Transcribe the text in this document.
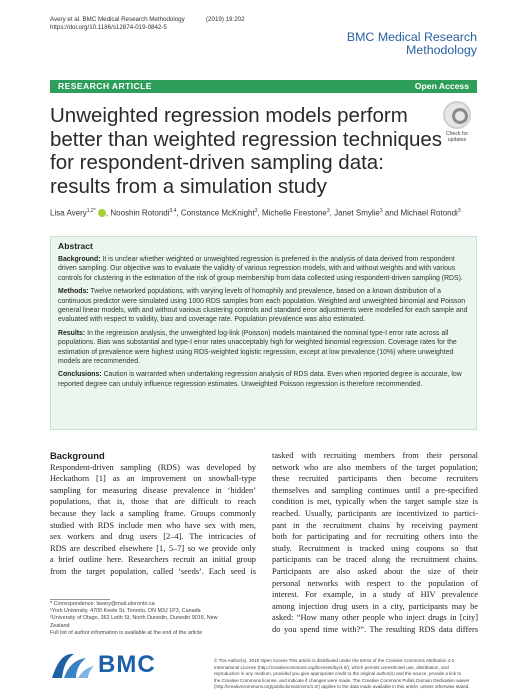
Avery et al. BMC Medical Research Methodology
https://doi.org/10.1186/s12874-019-0842-5
(2019) 19:202
BMC Medical Research
Methodology
RESEARCH ARTICLE	Open Access
Unweighted regression models perform
better than weighted regression techniques
for respondent-driven sampling data:
results from a simulation study
Check for
updates
Lisa Avery$^{1,2*}$ , Nooshin Rotondi$^{3,4}$, Constance McKnight$^3$, Michelle Firestone$^3$, Janet Smylie$^3$ and Michael Rotondi$^3$
Abstract

Background: It is unclear whether weighted or unweighted regression is preferred in the analysis of data derived from respondent driven sampling. Our objective was to evaluate the validity of various regression models, with and without weights and with various controls for clustering in the estimation of the risk of group membership from data collected using respondent-driven sampling (RDS).

Methods: Twelve networked populations, with varying levels of homophily and prevalence, based on a known distribution of a continuous predictor were simulated using 1000 RDS samples from each population. Weighted and unweighted binomial and Poisson general linear models, with and without various clustering controls and standard error adjustments were modelled for each sample and evaluated with respect to validity, bias and coverage rate. Population prevalence was also estimated.

Results: In the regression analysis, the unweighted log-link (Poisson) models maintained the nominal type-I error rate across all populations. Bias was substantial and type-I error rates unacceptably high for weighted binomial regression. Coverage rates for the estimation of prevalence were highest using RDS-weighted logistic regression, except at low prevalence (10%) where unweighted models are recommended.

Conclusions: Caution is warranted when undertaking regression analysis of RDS data. Even when reported degree is accurate, low reported degree can unduly influence regression estimates. Unweighted Poisson regression is therefore recommended.

Background
Respondent-driven sampling (RDS) was developed by
Heckathorn [1] as an improvement on snowball-type
sampling for measuring disease prevalence in ‘hidden’
populations, that is, those that are difficult to reach
because they lack a sampling frame. Groups commonly
studied with RDS include men who have sex with men,
sex workers and drug users [2–4]. The intricacies of
RDS are described elsewhere [1, 5–7] so we provide only
a brief outline here. Researchers recruit an initial group
from the target population, called ‘seeds’. Each seed is
tasked with recruiting members from their personal
network who are also members of the target population;
these recruited participants then become recruiters
themselves and sampling continues until a pre-specified
condition is met, typically when the target sample size is
reached. Usually, participants are incentivized to partici-
pant in the recruitment chains by receiving payment
both for participating and for recruiting others into the
study. Recruitment is tracked using coupons so that
participants can be traced along the recruitment chains.
Participants are also asked about the size of their
personal networks with respect to the population of
interest. For example, in a study of HIV prevalence
among injection drug users in a city, participants may be
asked: “How many other people who inject drugs in [city]
do you spend time with?”. The resulting RDS data differs
* Correspondence: lavery@mail.utoronto.ca
¹York University, 4700 Keele St, Toronto, ON M3J 1P3, Canada
²University of Otago, 362 Leith St, North Dunedin, Dunedin 9016, New
Zealand
Full list of author information is available at the end of the article
BMC	© The Author(s). 2019 Open Access This article is distributed under the terms of the Creative Commons Attribution 4.0
International License (http://creativecommons.org/licenses/by/4.0/), which permits unrestricted use, distribution, and
reproduction in any medium, provided you give appropriate credit to the original author(s) and the source, provide a link to
the Creative Commons license, and indicate if changes were made. The Creative Commons Public Domain Dedication waiver
(http://creativecommons.org/publicdomain/zero/1.0/) applies to the data made available in this article, unless otherwise stated.
